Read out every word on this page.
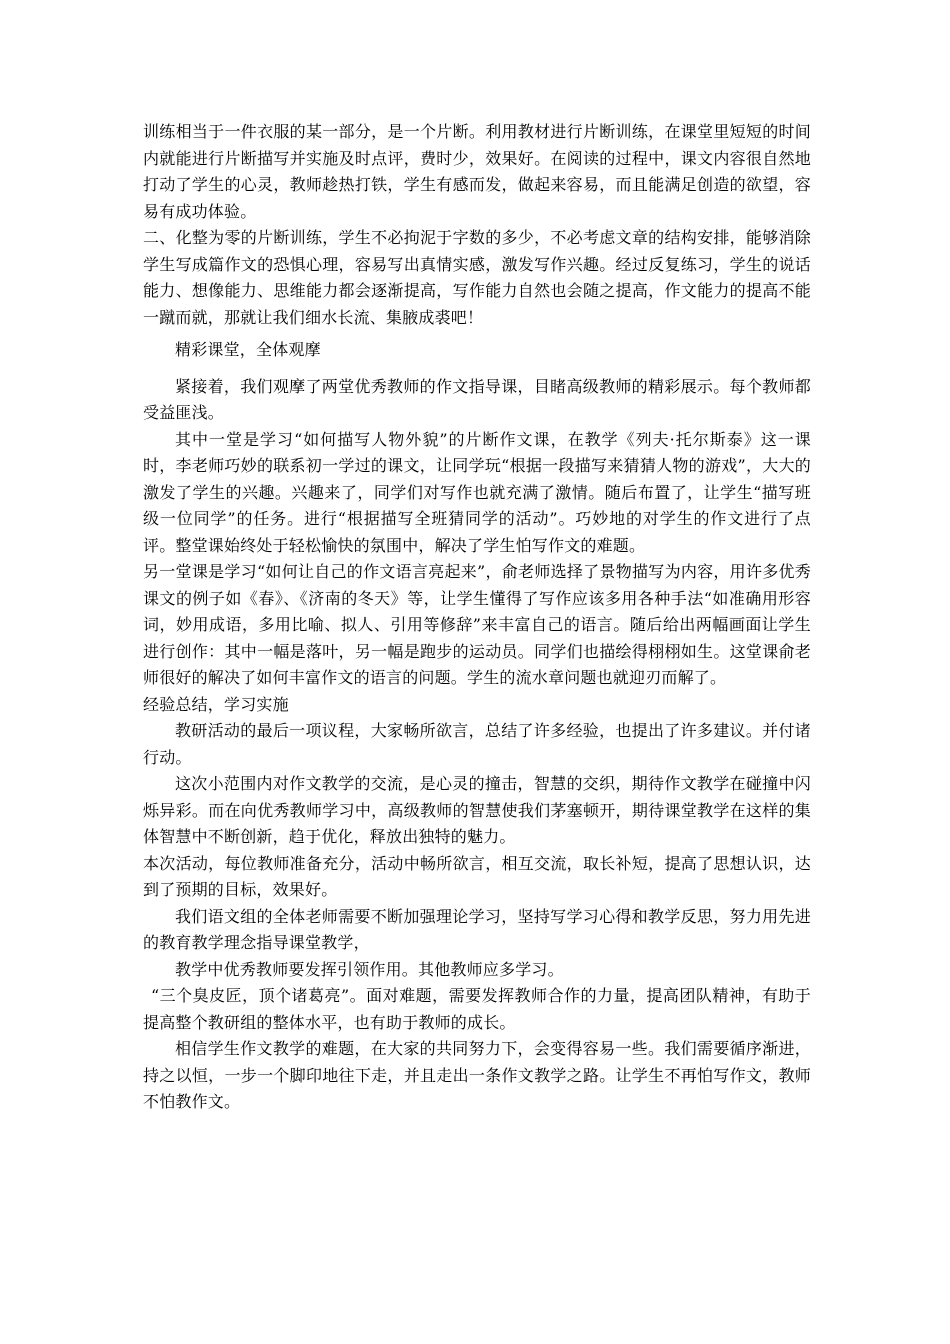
训练相当于一件衣服的某一部分，是一个片断。利用教材进行片断训练，在课堂里短短的时间内就能进行片断描写并实施及时点评，费时少，效果好。在阅读的过程中，课文内容很自然地打动了学生的心灵，教师趁热打铁，学生有感而发，做起来容易，而且能满足创造的欲望，容易有成功体验。

二、化整为零的片断训练，学生不必拘泥于字数的多少，不必考虑文章的结构安排，能够消除学生写成篇作文的恐惧心理，容易写出真情实感，激发写作兴趣。经过反复练习，学生的说话能力、想像能力、思维能力都会逐渐提高，写作能力自然也会随之提高，作文能力的提高不能一蹴而就，那就让我们细水长流、集腋成裘吧！

精彩课堂，全体观摩

紧接着，我们观摩了两堂优秀教师的作文指导课，目睹高级教师的精彩展示。每个教师都受益匪浅。

其中一堂是学习“如何描写人物外貌”的片断作文课，在教学《列夫·托尔斯泰》这一课时，李老师巧妙的联系初一学过的课文，让同学玩“根据一段描写来猜猜人物的游戏”，大大的激发了学生的兴趣。兴趣来了，同学们对写作也就充满了激情。随后布置了，让学生“描写班级一位同学”的任务。进行“根据描写全班猜同学的活动”。巧妙地的对学生的作文进行了点评。整堂课始终处于轻松愉快的氛围中，解决了学生怕写作文的难题。

另一堂课是学习“如何让自己的作文语言亮起来”，俞老师选择了景物描写为内容，用许多优秀课文的例子如《春》、《济南的冬天》等，让学生懂得了写作应该多用各种手法“如准确用形容词，妙用成语，多用比喻、拟人、引用等修辞”来丰富自己的语言。随后给出两幅画面让学生进行创作：其中一幅是落叶，另一幅是跑步的运动员。同学们也描绘得栩栩如生。这堂课俞老师很好的解决了如何丰富作文的语言的问题。学生的流水章问题也就迎刃而解了。

经验总结，学习实施

教研活动的最后一项议程，大家畅所欲言，总结了许多经验，也提出了许多建议。并付诸行动。

这次小范围内对作文教学的交流，是心灵的撞击，智慧的交织，期待作文教学在碰撞中闪烁异彩。而在向优秀教师学习中，高级教师的智慧使我们茅塞顿开，期待课堂教学在这样的集体智慧中不断创新，趋于优化，释放出独特的魅力。

本次活动，每位教师准备充分，活动中畅所欲言，相互交流，取长补短，提高了思想认识，达到了预期的目标，效果好。

我们语文组的全体老师需要不断加强理论学习，坚持写学习心得和教学反思，努力用先进的教育教学理念指导课堂教学，

教学中优秀教师要发挥引领作用。其他教师应多学习。

“三个臭皮匠，顶个诸葛亮”。面对难题，需要发挥教师合作的力量，提高团队精神，有助于提高整个教研组的整体水平，也有助于教师的成长。

相信学生作文教学的难题，在大家的共同努力下，会变得容易一些。我们需要循序渐进，持之以恒，一步一个脚印地往下走，并且走出一条作文教学之路。让学生不再怕写作文，教师不怕教作文。
